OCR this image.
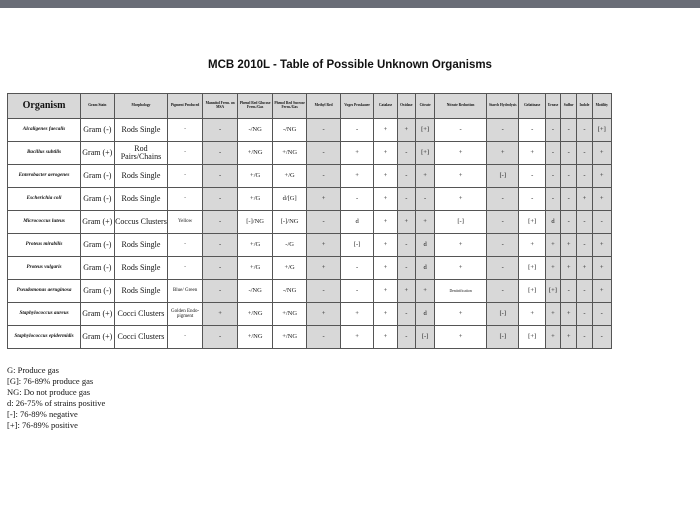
MCB 2010L - Table of Possible Unknown Organisms
Organism	Gram Stain	Morphology	Pigment Produced	Mannitol Ferm. on MSA	Phenol Red Glucose Ferm./Gas	Phenol Red Sucrose Ferm./Gas	Methyl Red	Voges Proskauer	Catalase	Oxidase	Citrate	Nitrate Reduction	Starch Hydrolysis	Gelatinase	Urease	Sulfur	Indole	Motility
Alcaligenes faecalis	Gram (-)	Rods Single	-	-	-/NG	-/NG	-	-	+	+	[+]	-	-	-	-	-	-	[+]
Bacillus subtilis	Gram (+)	Rod Pairs/Chains	-	-	+/NG	+/NG	-	+	+	-	[+]	+	+	+	-	-	-	+
Enterobacter aerogenes	Gram (-)	Rods Single	-	-	+/G	+/G	-	+	+	-	+	+	[-]	-	-	-	-	+
Escherichia coli	Gram (-)	Rods Single	-	-	+/G	d/[G]	+	-	+	-	-	+	-	-	-	-	+	+
Micrococcus luteus	Gram (+)	Coccus Clusters	Yellow	-	[-]/NG	[-]/NG	-	d	+	+	+	[-]	-	[+]	d	-	-	-
Proteus mirabilis	Gram (-)	Rods Single	-	-	+/G	-/G	+	[-]	+	-	d	+	-	+	+	+	-	+
Proteus vulgaris	Gram (-)	Rods Single	-	-	+/G	+/G	+	-	+	-	d	+	-	[+]	+	+	+	+
Pseudomonas aeruginosa	Gram (-)	Rods Single	Blue/ Green	-	-/NG	-/NG	-	-	+	+	+	Denitrification	-	[+]	[+]	-	-	+
Staphylococcus aureus	Gram (+)	Cocci Clusters	Golden Endo-pigment	+	+/NG	+/NG	+	+	+	-	d	+	[-]	+	+	+	-	-
Staphylococcus epidermidis	Gram (+)	Cocci Clusters	-	-	+/NG	+/NG	-	+	+	-	[-]	+	[-]	[+]	+	+	-	-
G: Produce gas
[G]: 76-89% produce gas
NG: Do not produce gas
d: 26-75% of strains positive
[-]: 76-89% negative
[+]: 76-89% positive
